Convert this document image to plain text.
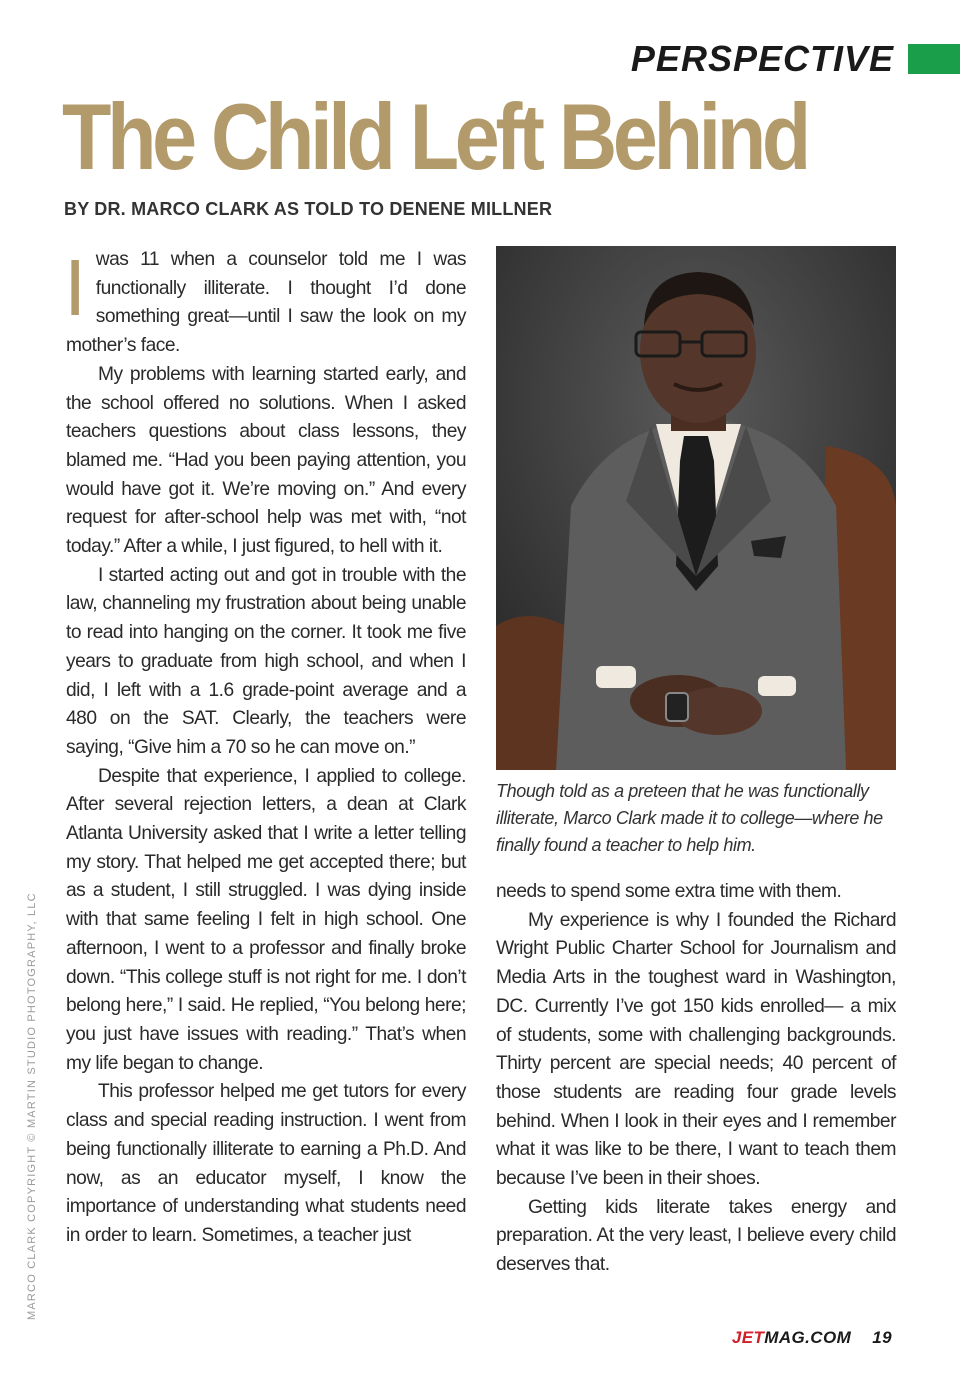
PERSPECTIVE
The Child Left Behind
BY DR. MARCO CLARK AS TOLD TO DENENE MILLNER

Iwas 11 when a counselor told me I was functionally illiterate. I thought I’d done something great—until I saw the look on my mother’s face.

My problems with learning started early, and the school offered no solutions. When I asked teachers questions about class lessons, they blamed me. “Had you been paying attention, you would have got it. We’re moving on.” And every request for after-school help was met with, “not today.” After a while, I just figured, to hell with it.

I started acting out and got in trouble with the law, channeling my frustration about being unable to read into hanging on the corner. It took me five years to graduate from high school, and when I did, I left with a 1.6 grade-point average and a 480 on the SAT. Clearly, the teachers were saying, “Give him a 70 so he can move on.”

Despite that experience, I applied to college. After several rejection letters, a dean at Clark Atlanta University asked that I write a letter telling my story. That helped me get accepted there; but as a student, I still struggled. I was dying inside with that same feeling I felt in high school. One afternoon, I went to a professor and finally broke down. “This college stuff is not right for me. I don’t belong here,” I said. He replied, “You belong here; you just have issues with reading.” That’s when my life began to change.

This professor helped me get tutors for every class and special reading instruction. I went from being functionally illiterate to earning a Ph.D. And now, as an educator myself, I know the importance of understanding what students need in order to learn. Sometimes, a teacher just

Though told as a preteen that he was functionally illiterate, Marco Clark made it to college—where he finally found a teacher to help him.

needs to spend some extra time with them.

My experience is why I founded the Richard Wright Public Charter School for Journalism and Media Arts in the toughest ward in Washington, DC. Currently I’ve got 150 kids enrolled— a mix of students, some with challenging backgrounds. Thirty percent are special needs; 40 percent of those students are reading four grade levels behind. When I look in their eyes and I remember what it was like to be there, I want to teach them because I’ve been in their shoes.

Getting kids literate takes energy and preparation. At the very least, I believe every child deserves that.

MARCO CLARK COPYRIGHT © MARTIN STUDIO PHOTOGRAPHY, LLC
JETMAG.COM 19
